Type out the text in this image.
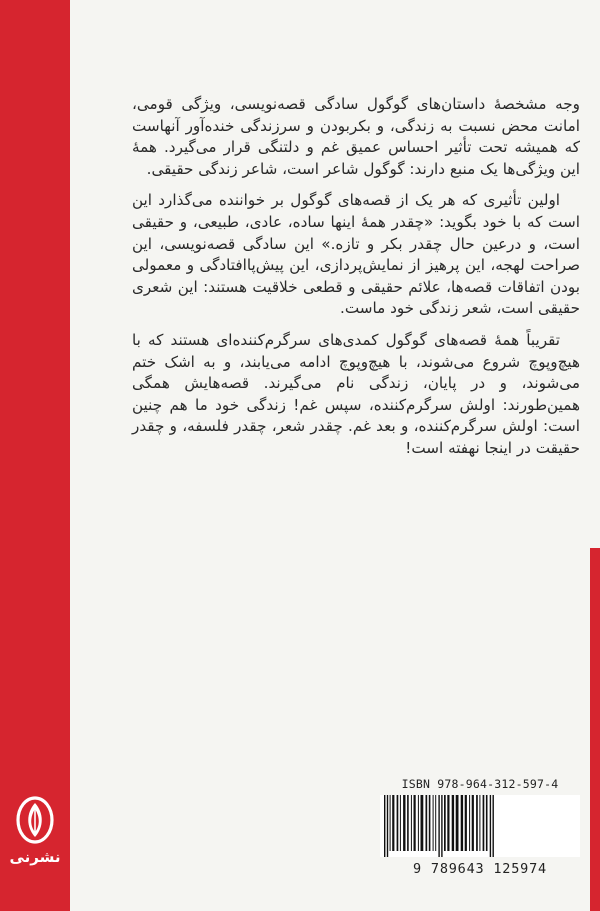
وجه مشخصهٔ داستان‌های گوگول سادگی قصه‌نویسی، ویژگی قومی، امانت محض نسبت به زندگی، و بکربودن و سرزندگی خنده‌آور آنهاست که همیشه تحت تأثیر احساس عمیق غم و دلتنگی قرار می‌گیرد. همهٔ این ویژگی‌ها یک منبع دارند: گوگول شاعر است، شاعر زندگی حقیقی.

اولین تأثیری که هر یک از قصه‌های گوگول بر خواننده می‌گذارد این است که با خود بگوید: «چقدر همهٔ اینها ساده، عادی، طبیعی، و حقیقی است، و درعین حال چقدر بکر و تازه.» این سادگی قصه‌نویسی، این صراحت لهجه، این پرهیز از نمایش‌پردازی، این پیش‌پاافتادگی و معمولی بودن اتفاقات قصه‌ها، علائم حقیقی و قطعی خلاقیت هستند: این شعری حقیقی است، شعر زندگی خود ماست.

تقریباً همهٔ قصه‌های گوگول کمدی‌های سرگرم‌کننده‌ای هستند که با هیچ‌وپوچ شروع می‌شوند، با هیچ‌وپوچ ادامه می‌یابند، و به اشک ختم می‌شوند، و در پایان، زندگی نام می‌گیرند. قصه‌هایش همگی همین‌طورند: اولش سرگرم‌کننده، سپس غم! زندگی خود ما هم چنین است: اولش سرگرم‌کننده، و بعد غم. چقدر شعر، چقدر فلسفه، و چقدر حقیقت در اینجا نهفته است!

ISBN 978-964-312-597-4
9 789643 125974
نشرنی
